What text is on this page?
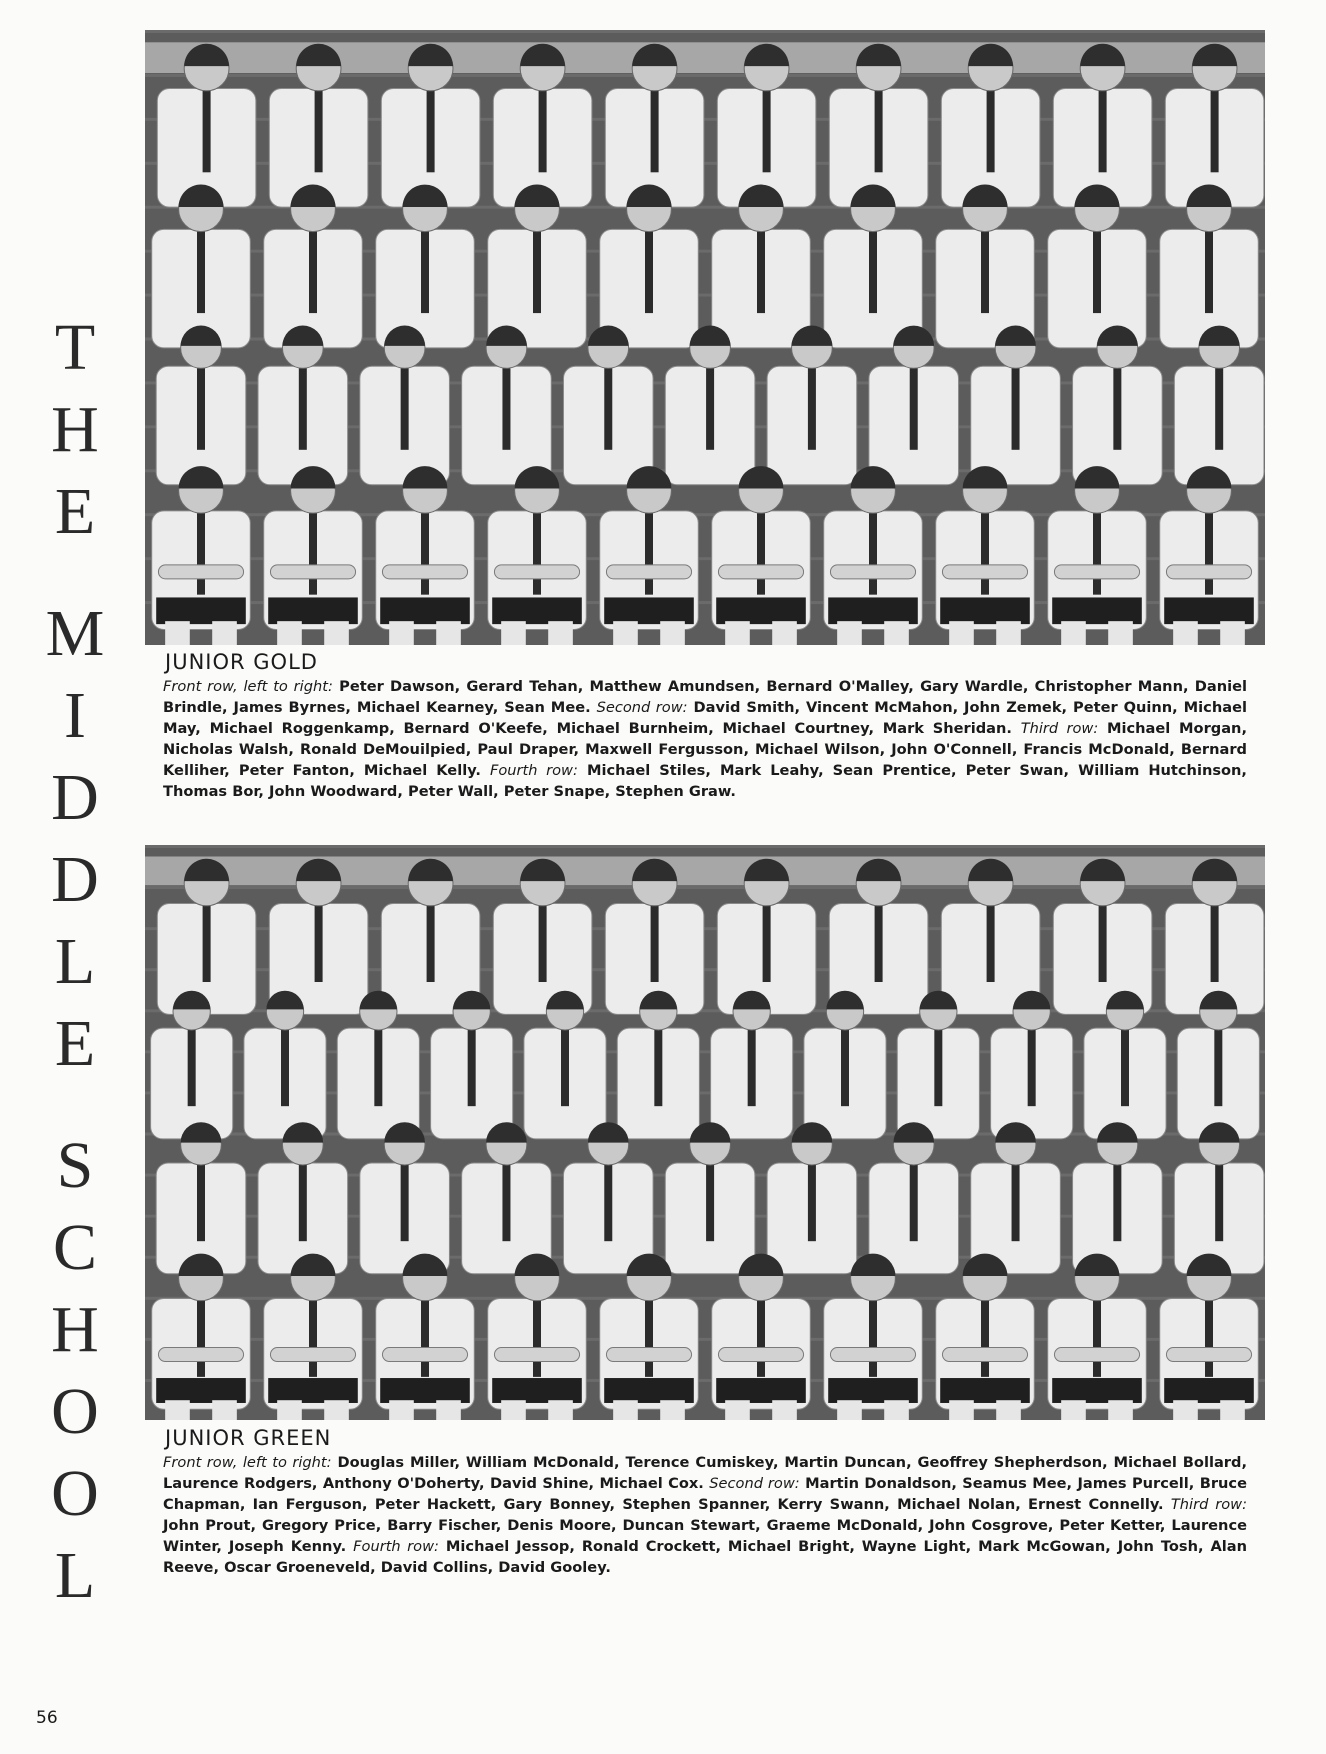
T
H
E
M
I
D
D
L
E
S
C
H
O
O
L
JUNIOR GOLD
Front row, left to right: Peter Dawson, Gerard Tehan, Matthew Amundsen, Bernard O'Malley, Gary Wardle, Christopher Mann, Daniel Brindle, James Byrnes, Michael Kearney, Sean Mee. Second row: David Smith, Vincent McMahon, John Zemek, Peter Quinn, Michael May, Michael Roggenkamp, Bernard O'Keefe, Michael Burnheim, Michael Courtney, Mark Sheridan. Third row: Michael Morgan, Nicholas Walsh, Ronald DeMouilpied, Paul Draper, Maxwell Fergusson, Michael Wilson, John O'Connell, Francis McDonald, Bernard Kelliher, Peter Fanton, Michael Kelly. Fourth row: Michael Stiles, Mark Leahy, Sean Prentice, Peter Swan, William Hutchinson, Thomas Bor, John Woodward, Peter Wall, Peter Snape, Stephen Graw.
JUNIOR GREEN
Front row, left to right: Douglas Miller, William McDonald, Terence Cumiskey, Martin Duncan, Geoffrey Shepherdson, Michael Bollard, Laurence Rodgers, Anthony O'Doherty, David Shine, Michael Cox. Second row: Martin Donaldson, Seamus Mee, James Purcell, Bruce Chapman, Ian Ferguson, Peter Hackett, Gary Bonney, Stephen Spanner, Kerry Swann, Michael Nolan, Ernest Connelly. Third row: John Prout, Gregory Price, Barry Fischer, Denis Moore, Duncan Stewart, Graeme McDonald, John Cosgrove, Peter Ketter, Laurence Winter, Joseph Kenny. Fourth row: Michael Jessop, Ronald Crockett, Michael Bright, Wayne Light, Mark McGowan, John Tosh, Alan Reeve, Oscar Groeneveld, David Collins, David Gooley.
56
